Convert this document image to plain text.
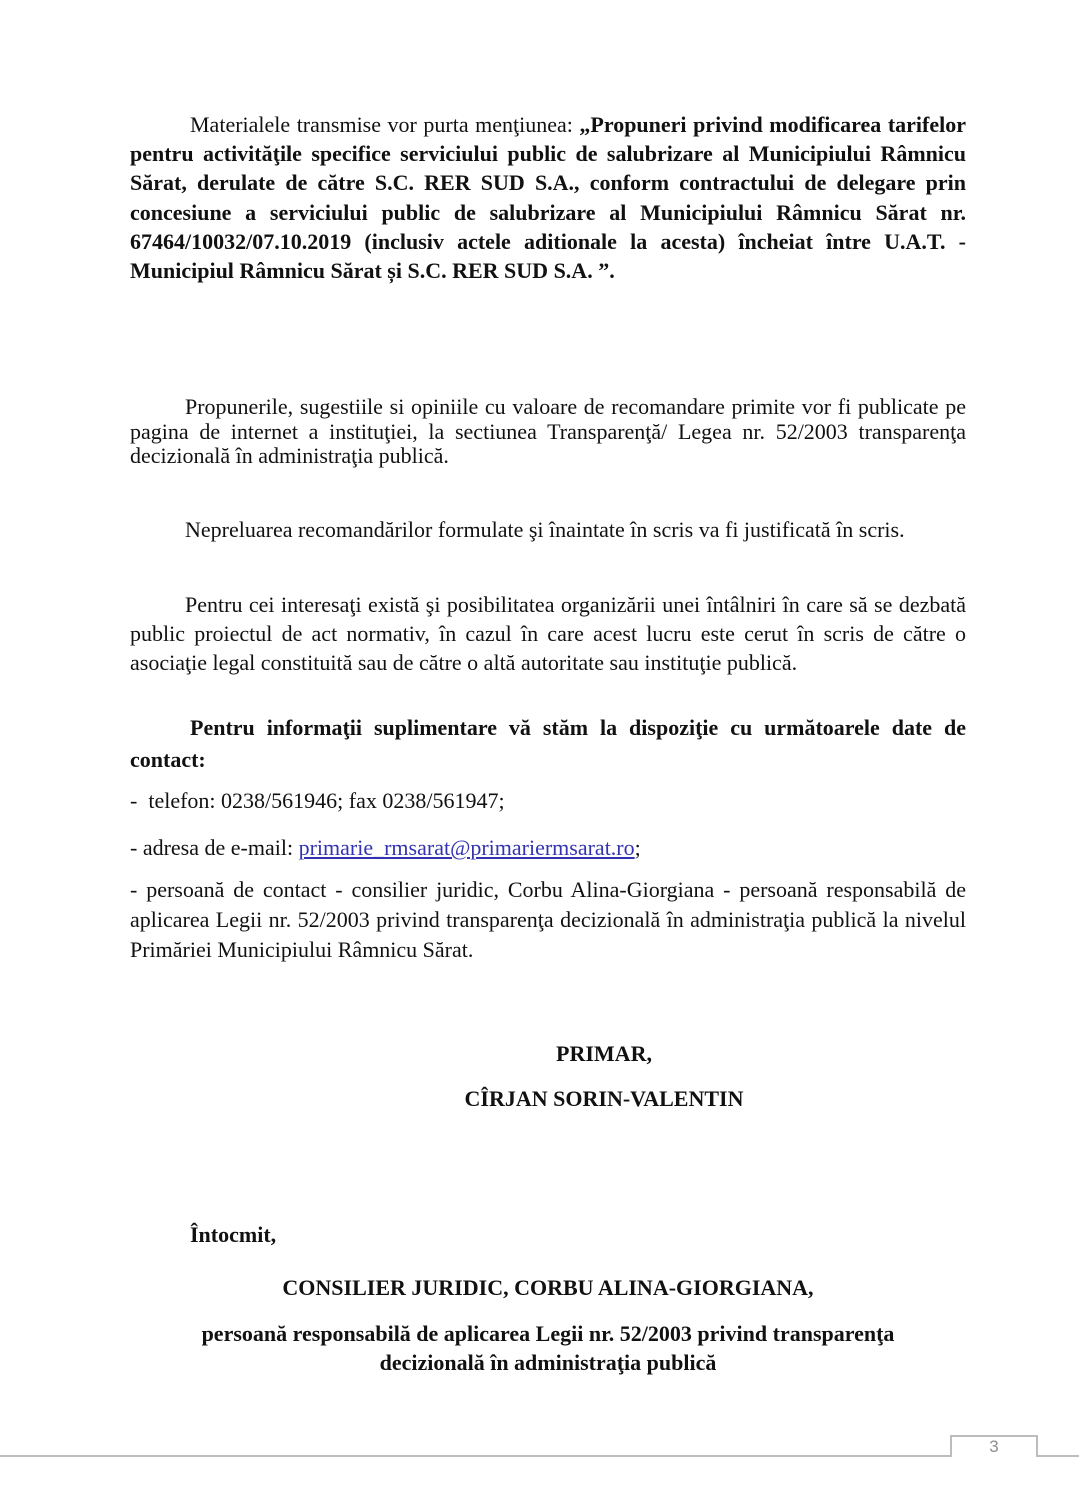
Materialele transmise vor purta menţiunea: „Propuneri privind modificarea tarifelor pentru activităţile specifice serviciului public de salubrizare al Municipiului Râmnicu Sărat, derulate de către S.C. RER SUD S.A., conform contractului de delegare prin concesiune a serviciului public de salubrizare al Municipiului Râmnicu Sărat nr. 67464/10032/07.10.2019 (inclusiv actele aditionale la acesta) încheiat între U.A.T. - Municipiul Râmnicu Sărat și S.C. RER SUD S.A. ”.
Propunerile, sugestiile si opiniile cu valoare de recomandare primite vor fi publicate pe pagina de internet a instituţiei, la sectiunea Transparenţă/ Legea nr. 52/2003 transparenţa decizională în administraţia publică.
Nepreluarea recomandărilor formulate şi înaintate în scris va fi justificată în scris.
Pentru cei interesaţi există şi posibilitatea organizării unei întâlniri în care să se dezbată public proiectul de act normativ, în cazul în care acest lucru este cerut în scris de către o asociaţie legal constituită sau de către o altă autoritate sau instituţie publică.
Pentru informaţii suplimentare vă stăm la dispoziţie cu următoarele date de contact:
-  telefon: 0238/561946; fax 0238/561947;
- adresa de e-mail: primarie_rmsarat@primariermsarat.ro;
- persoană de contact - consilier juridic, Corbu Alina-Giorgiana - persoană responsabilă de aplicarea Legii nr. 52/2003 privind transparenţa decizională în administraţia publică la nivelul Primăriei Municipiului Râmnicu Sărat.
PRIMAR,
CÎRJAN SORIN-VALENTIN
Întocmit,
CONSILIER JURIDIC, CORBU ALINA-GIORGIANA,
persoană responsabilă de aplicarea Legii nr. 52/2003 privind transparenţa decizională în administraţia publică
3
